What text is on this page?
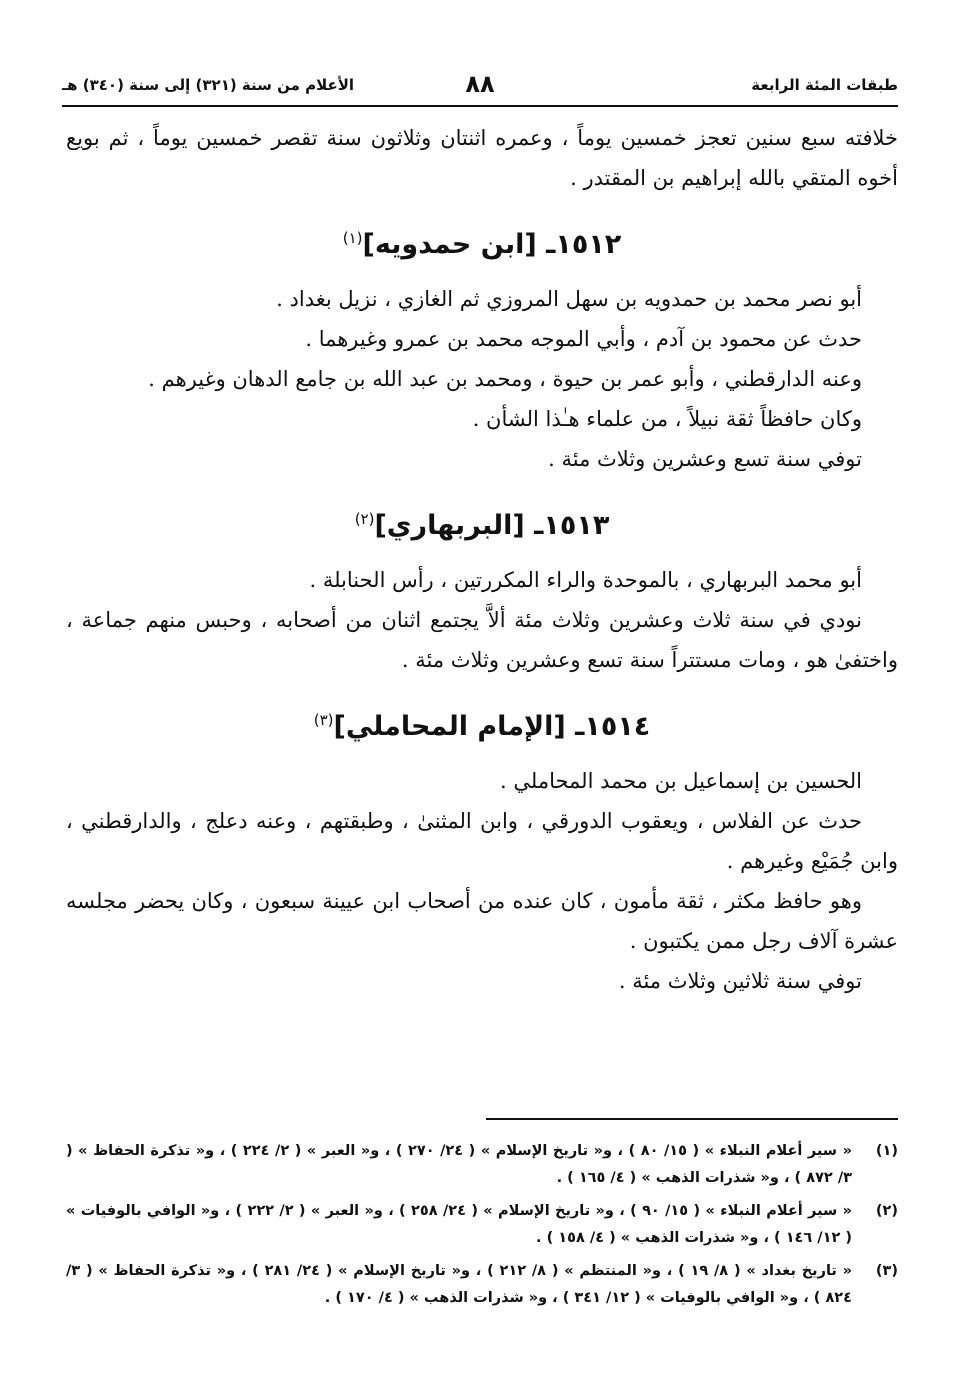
طبقات المئة الرابعة
٨٨
الأعلام من سنة (٣٢١) إلى سنة (٣٤٠) هـ

خلافته سبع سنين تعجز خمسين يوماً ، وعمره اثنتان وثلاثون سنة تقصر خمسين يوماً ، ثم بويع أخوه المتقي بالله إبراهيم بن المقتدر .

١٥١٢ـ [ابن حمدويه]$^{(١)}$

أبو نصر محمد بن حمدويه بن سهل المروزي ثم الغازي ، نزيل بغداد .

حدث عن محمود بن آدم ، وأبي الموجه محمد بن عمرو وغيرهما .

وعنه الدارقطني ، وأبو عمر بن حيوة ، ومحمد بن عبد الله بن جامع الدهان وغيرهم .

وكان حافظاً ثقة نبيلاً ، من علماء هـٰذا الشأن .

توفي سنة تسع وعشرين وثلاث مئة .

١٥١٣ـ [البربهاري]$^{(٢)}$

أبو محمد البربهاري ، بالموحدة والراء المكررتين ، رأس الحنابلة .

نودي في سنة ثلاث وعشرين وثلاث مئة ألاَّ يجتمع اثنان من أصحابه ، وحبس منهم جماعة ، واختفىٰ هو ، ومات مستتراً سنة تسع وعشرين وثلاث مئة .

١٥١٤ـ [الإمام المحاملي]$^{(٣)}$

الحسين بن إسماعيل بن محمد المحاملي .

حدث عن الفلاس ، ويعقوب الدورقي ، وابن المثنىٰ ، وطبقتهم ، وعنه دعلج ، والدارقطني ، وابن جُمَيْع وغيرهم .

وهو حافظ مكثر ، ثقة مأمون ، كان عنده من أصحاب ابن عيينة سبعون ، وكان يحضر مجلسه عشرة آلاف رجل ممن يكتبون .

توفي سنة ثلاثين وثلاث مئة .

(١)
« سير أعلام النبلاء » ( ١٥/ ٨٠ ) ، و« تاريخ الإسلام » ( ٢٤/ ٢٧٠ ) ، و« العبر » ( ٢/ ٢٢٤ ) ، و« تذكرة الحفاظ » ( ٣/ ٨٧٢ ) ، و« شذرات الذهب » ( ٤/ ١٦٥ ) .
(٢)
« سير أعلام النبلاء » ( ١٥/ ٩٠ ) ، و« تاريخ الإسلام » ( ٢٤/ ٢٥٨ ) ، و« العبر » ( ٢/ ٢٢٢ ) ، و« الوافي بالوفيات » ( ١٢/ ١٤٦ ) ، و« شذرات الذهب » ( ٤/ ١٥٨ ) .
(٣)
« تاريخ بغداد » ( ٨/ ١٩ ) ، و« المنتظم » ( ٨/ ٢١٢ ) ، و« تاريخ الإسلام » ( ٢٤/ ٢٨١ ) ، و« تذكرة الحفاظ » ( ٣/ ٨٢٤ ) ، و« الوافي بالوفيات » ( ١٢/ ٣٤١ ) ، و« شذرات الذهب » ( ٤/ ١٧٠ ) .
